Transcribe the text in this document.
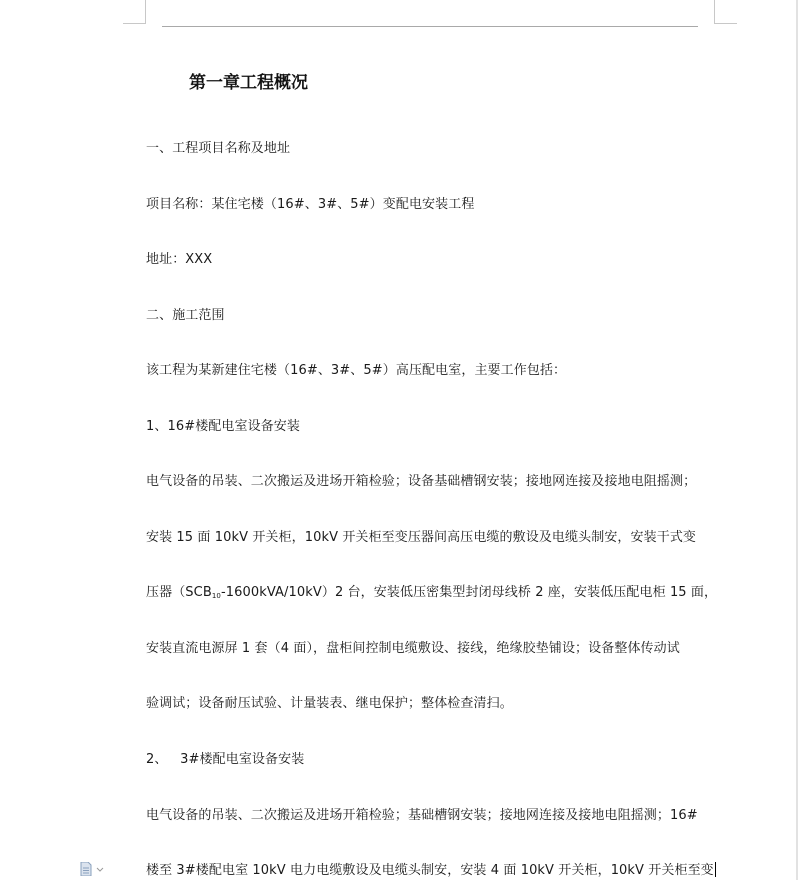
第一章工程概况
一、工程项目名称及地址
项目名称：某住宅楼（16#、3#、5#）变配电安装工程
地址：XXX
二、施工范围
该工程为某新建住宅楼（16#、3#、5#）高压配电室，主要工作包括：
1、16#楼配电室设备安装
电气设备的吊装、二次搬运及进场开箱检验；设备基础槽钢安装；接地网连接及接地电阻摇测；
安装 15 面 10kV 开关柜，10kV 开关柜至变压器间高压电缆的敷设及电缆头制安，安装干式变
压器$(SCB_{10}-1600kVA/10kV)2$ 台，安装低压密集型封闭母线桥 2 座，安装低压配电柜 15 面，
安装直流电源屏 1 套（4 面），盘柜间控制电缆敷设、接线，绝缘胶垫铺设；设备整体传动试
验调试；设备耐压试验、计量装表、继电保护；整体检查清扫。
2、   3#楼配电室设备安装
电气设备的吊装、二次搬运及进场开箱检验；基础槽钢安装；接地网连接及接地电阻摇测；16#
楼至 3#楼配电室 10kV 电力电缆敷设及电缆头制安，安装 4 面 10kV 开关柜，10kV 开关柜至变
